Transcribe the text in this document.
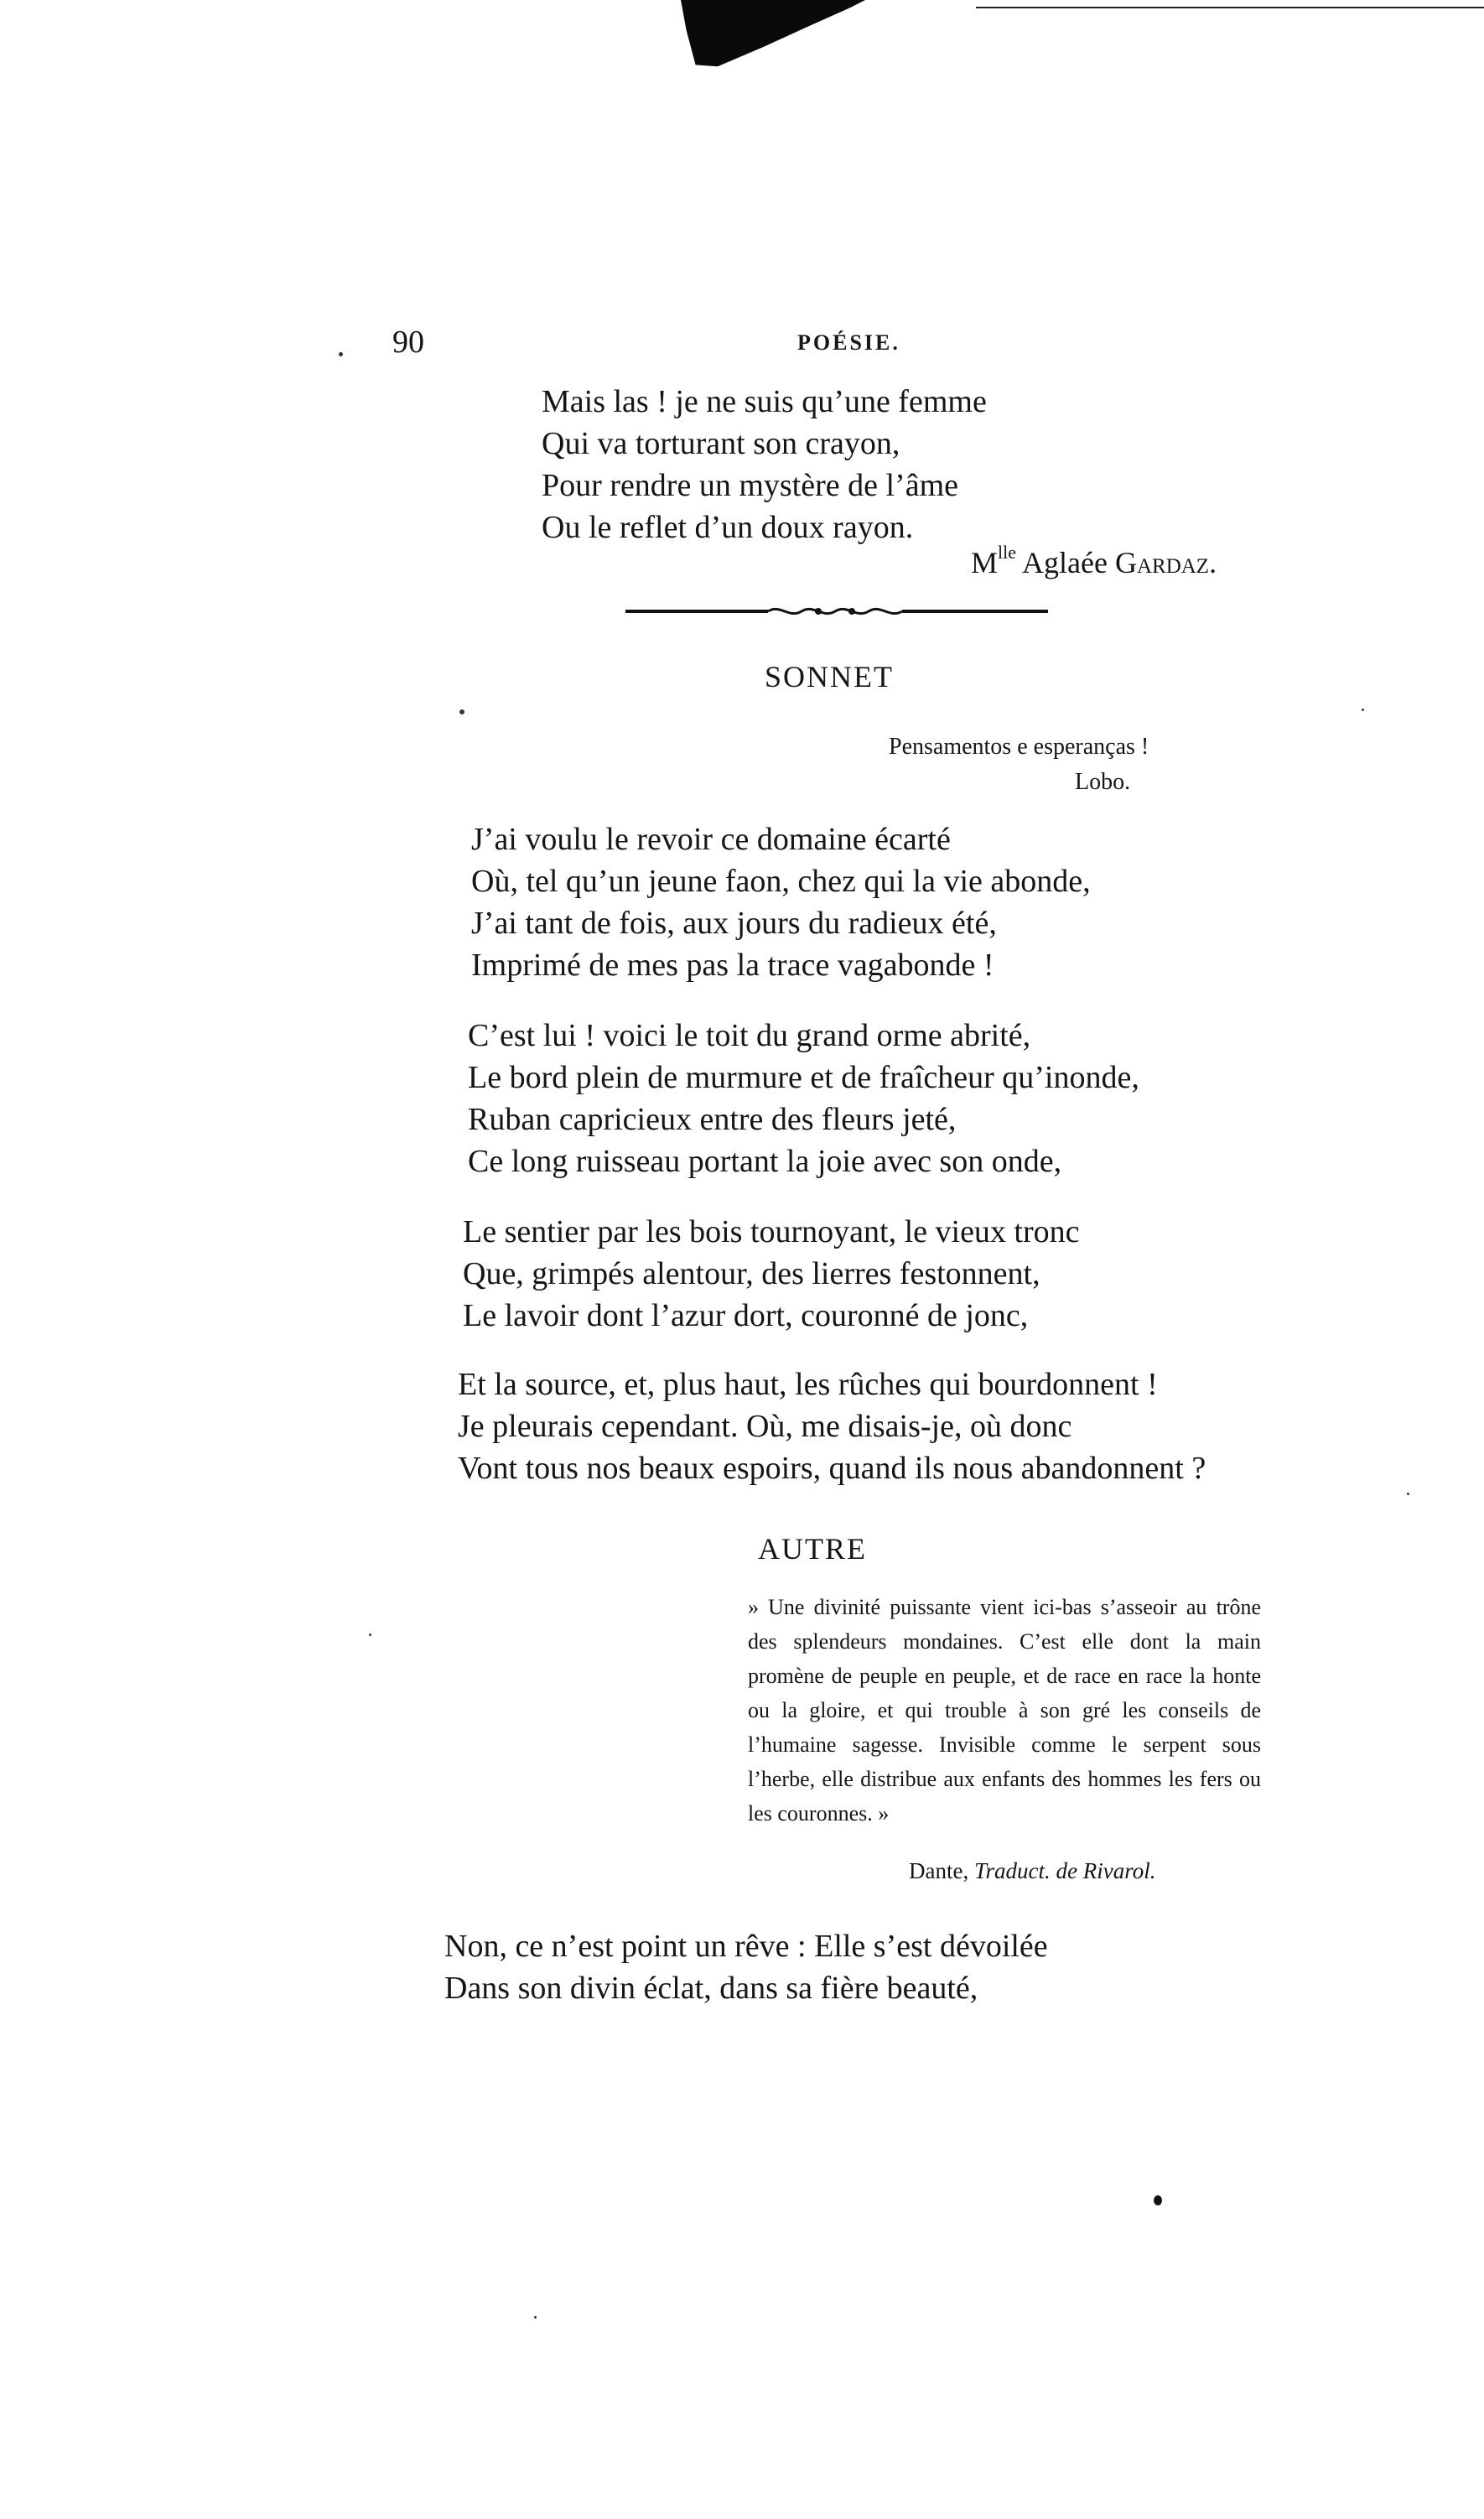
90	POÉSIE.
Mais las ! je ne suis qu’une femme
Qui va torturant son crayon,
Pour rendre un mystère de l’âme
Ou le reflet d’un doux rayon.
$M^{lle}$ Aglaée Gardaz.
SONNET
Pensamentos e esperanças !
Lobo.
J’ai voulu le revoir ce domaine écarté
Où, tel qu’un jeune faon, chez qui la vie abonde,
J’ai tant de fois, aux jours du radieux été,
Imprimé de mes pas la trace vagabonde !
C’est lui ! voici le toit du grand orme abrité,
Le bord plein de murmure et de fraîcheur qu’inonde,
Ruban capricieux entre des fleurs jeté,
Ce long ruisseau portant la joie avec son onde,
Le sentier par les bois tournoyant, le vieux tronc
Que, grimpés alentour, des lierres festonnent,
Le lavoir dont l’azur dort, couronné de jonc,
Et la source, et, plus haut, les rûches qui bourdonnent !
Je pleurais cependant. Où, me disais-je, où donc
Vont tous nos beaux espoirs, quand ils nous abandonnent ?
AUTRE
» Une divinité puissante vient ici-bas s’asseoir au trône des splendeurs mondaines. C’est elle dont la main promène de peuple en peuple, et de race en race la honte ou la gloire, et qui trouble à son gré les conseils de l’humaine sagesse. Invisible comme le serpent sous l’herbe, elle distribue aux enfants des hommes les fers ou les couronnes. »
Dante, Traduct. de Rivarol.
Non, ce n’est point un rêve : Elle s’est dévoilée
Dans son divin éclat, dans sa fière beauté,
